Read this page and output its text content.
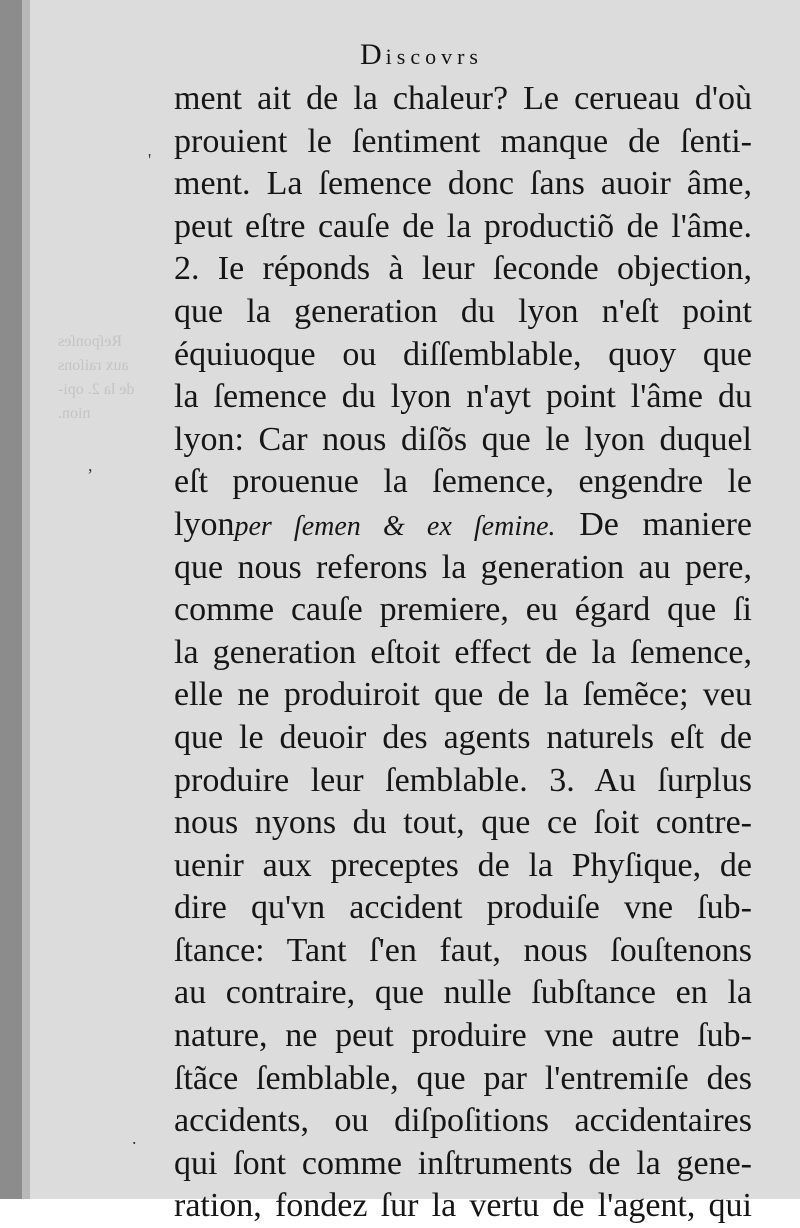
Reſponſes
aux raiſons
de la 2. opi-
nion.
Discovrs
'
,
.
ment ait de la chaleur? Le cerueau d'où
prouient le ſentiment manque de ſenti-
ment. La ſemence donc ſans auoir âme,
peut eſtre cauſe de la productiõ de l'âme.
2. Ie réponds à leur ſeconde objection,
que la generation du lyon n'eſt point
équiuoque ou diſſemblable, quoy que
la ſemence du lyon n'ayt point l'âme du
lyon: Car nous diſõs que le lyon duquel
eſt prouenue la ſemence, engendre le
lyonper ſemen & ex ſemine. De maniere
que nous referons la generation au pere,
comme cauſe premiere, eu égard que ſi
la generation eſtoit effect de la ſemence,
elle ne produiroit que de la ſemẽce; veu
que le deuoir des agents naturels eſt de
produire leur ſemblable. 3. Au ſurplus
nous nyons du tout, que ce ſoit contre-
uenir aux preceptes de la Phyſique, de
dire qu'vn accident produiſe vne ſub-
ſtance: Tant ſ'en faut, nous ſouſtenons
au contraire, que nulle ſubſtance en la
nature, ne peut produire vne autre ſub-
ſtãce ſemblable, que par l'entremiſe des
accidents, ou diſpoſitions accidentaires
qui ſont comme inſtruments de la gene-
ration, fondez ſur la vertu de l'agent, qui
